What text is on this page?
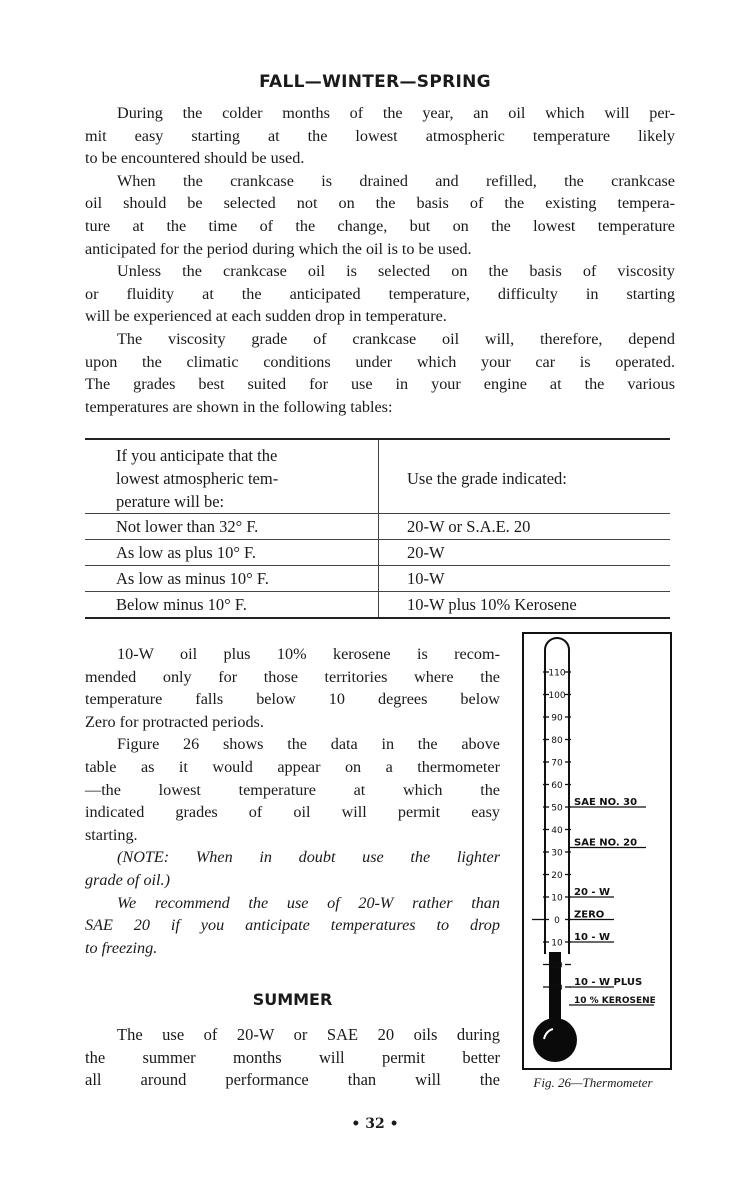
FALL—WINTER—SPRING
During the colder months of the year, an oil which will per-
mit easy starting at the lowest atmospheric temperature likely
to be encountered should be used.
When the crankcase is drained and refilled, the crankcase
oil should be selected not on the basis of the existing tempera-
ture at the time of the change, but on the lowest temperature
anticipated for the period during which the oil is to be used.
Unless the crankcase oil is selected on the basis of viscosity
or fluidity at the anticipated temperature, difficulty in starting
will be experienced at each sudden drop in temperature.
The viscosity grade of crankcase oil will, therefore, depend
upon the climatic conditions under which your car is operated.
The grades best suited for use in your engine at the various
temperatures are shown in the following tables:
If you anticipate that the
lowest atmospheric tem-
perature will be:	Use the grade indicated:
Not lower than 32° F.	20-W or S.A.E. 20
As low as plus 10° F.	20-W
As low as minus 10° F.	10-W
Below minus 10° F.	10-W plus 10% Kerosene
10-W oil plus 10% kerosene is recom-
mended only for those territories where the
temperature falls below 10 degrees below
Zero for protracted periods.
Figure 26 shows the data in the above
table as it would appear on a thermometer
—the lowest temperature at which the
indicated grades of oil will permit easy
starting.
(NOTE: When in doubt use the lighter
grade of oil.)
We recommend the use of 20-W rather than
SAE 20 if you anticipate temperatures to drop
to freezing.
SUMMER
The use of 20-W or SAE 20 oils during
the summer months will permit better
all around performance than will the
110
100
90
80
70
60
50
40
30
20
10
0
10
20
30
SAE NO. 30
SAE NO. 20
20 - W
ZERO
10 - W
10 - W PLUS
10 % KEROSENE
Fig. 26—Thermometer
• 32 •
